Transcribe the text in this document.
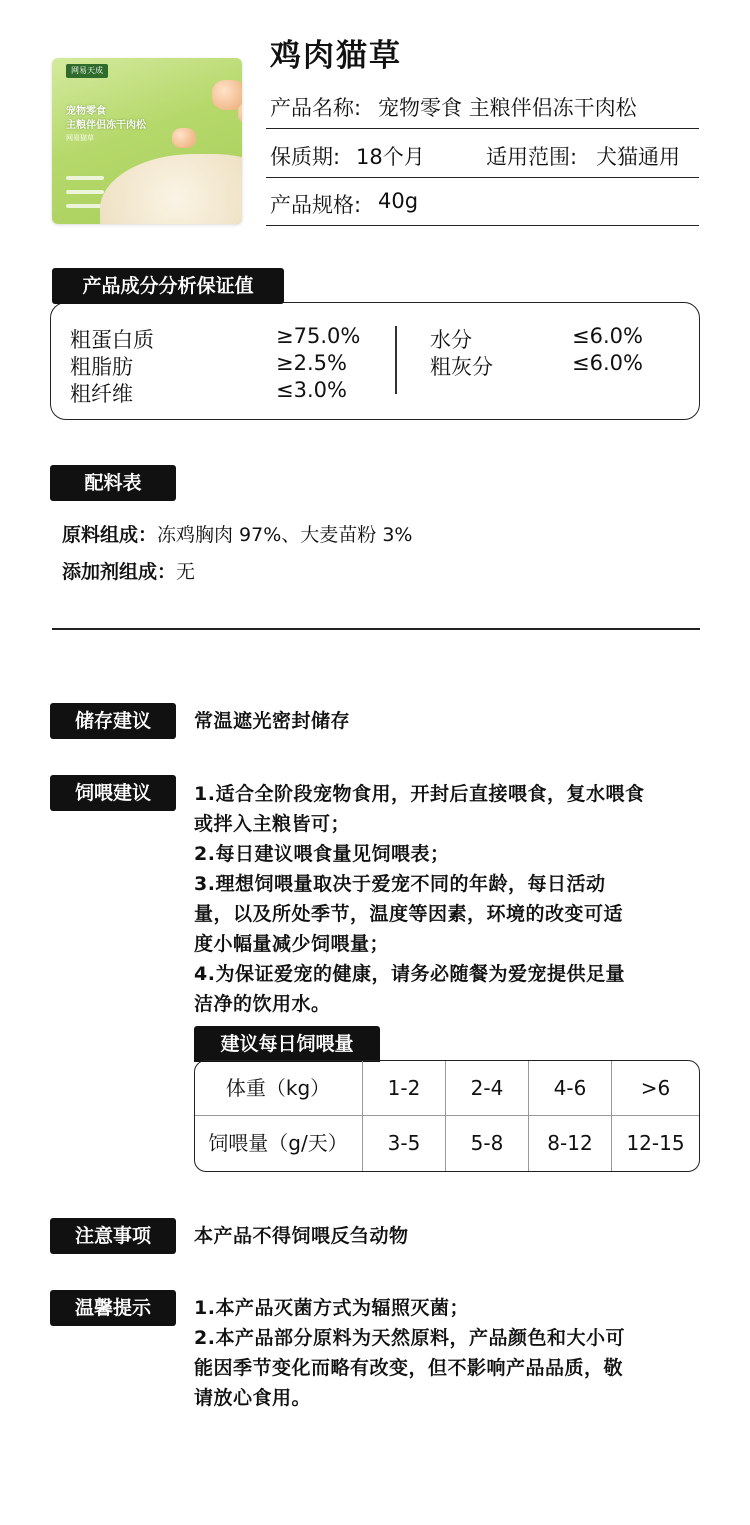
网易天成
宠物零食
主粮伴侣冻干肉松
网易猫草
鸡肉猫草
产品名称: 宠物零食 主粮伴侣冻干肉松
保质期: 18个月	适用范围: 犬猫通用
产品规格: 40g
产品成分分析保证值
粗蛋白质	≥75.0%
粗脂肪	≥2.5%
粗纤维	≤3.0%
水分	≤6.0%
粗灰分	≤6.0%
配料表
原料组成：冻鸡胸肉 97%、大麦苗粉 3%
添加剂组成：无
储存建议	常温遮光密封储存
饲喂建议	1.适合全阶段宠物食用，开封后直接喂食，复水喂食
或拌入主粮皆可；
2.每日建议喂食量见饲喂表；
3.理想饲喂量取决于爱宠不同的年龄，每日活动
量，以及所处季节，温度等因素，环境的改变可适
度小幅量减少饲喂量；
4.为保证爱宠的健康，请务必随餐为爱宠提供足量
洁净的饮用水。
建议每日饲喂量
体重（kg）	1-2	2-4	4-6	>6
饲喂量（g/天）	3-5	5-8	8-12	12-15
注意事项	本产品不得饲喂反刍动物
温馨提示	1.本产品灭菌方式为辐照灭菌；
2.本产品部分原料为天然原料，产品颜色和大小可
能因季节变化而略有改变，但不影响产品品质，敬
请放心食用。
